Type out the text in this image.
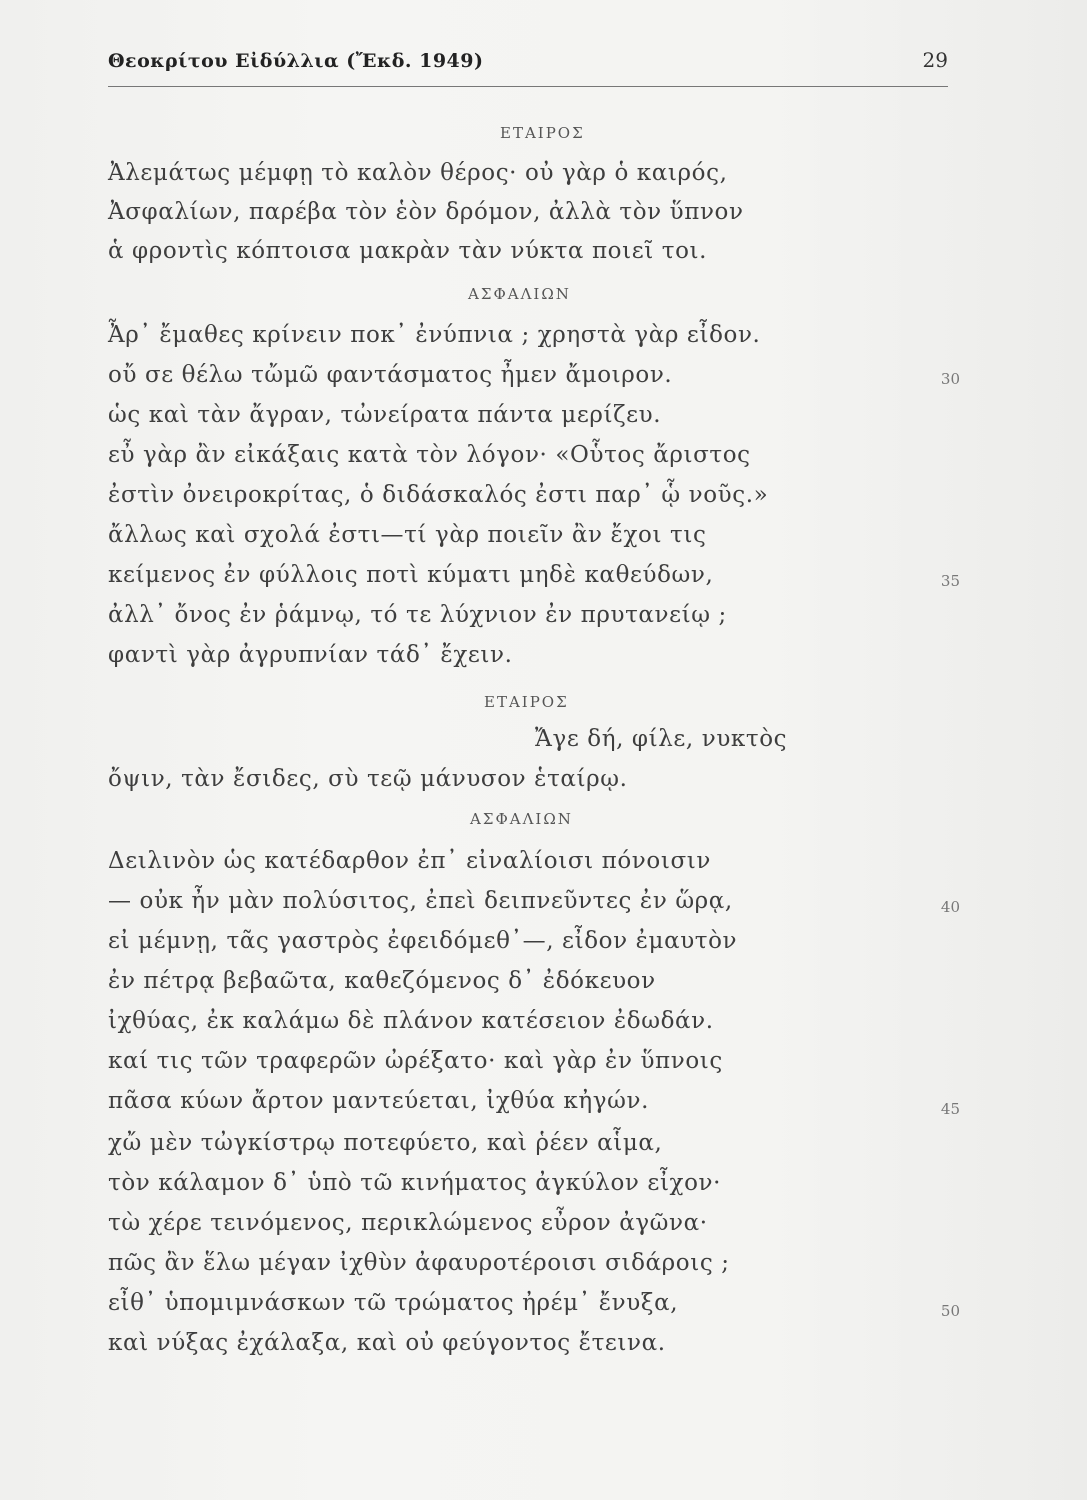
Θεοκρίτου Εἰδύλλια (Ἔκδ. 1949)	29
ΕΤΑΙΡΟΣ
Ἀλεμάτως μέμφῃ τὸ καλὸν θέρος· οὐ γὰρ ὁ καιρός,
Ἀσφαλίων, παρέβα τὸν ἑὸν δρόμον, ἀλλὰ τὸν ὕπνον
ἁ φροντὶς κόπτοισα μακρὰν τὰν νύκτα ποιεῖ τοι.
ΑΣΦΑΛΙΩΝ
Ἆρ᾽ ἔμαθες κρίνειν ποκ᾽ ἐνύπνια ; χρηστὰ γὰρ εἶδον.
οὔ σε θέλω τὤμῶ φαντάσματος ἦμεν ἄμοιρον.	30
ὡς καὶ τὰν ἄγραν, τὠνείρατα πάντα μερίζευ.
εὖ γὰρ ἂν εἰκάξαις κατὰ τὸν λόγον· «Οὗτος ἄριστος
ἐστὶν ὀνειροκρίτας, ὁ διδάσκαλός ἐστι παρ᾽ ᾧ νοῦς.»
ἄλλως καὶ σχολά ἐστι—τί γὰρ ποιεῖν ἂν ἔχοι τις
κείμενος ἐν φύλλοις ποτὶ κύματι μηδὲ καθεύδων,	35
ἀλλ᾽ ὄνος ἐν ῥάμνῳ, τό τε λύχνιον ἐν πρυτανείῳ ;
φαντὶ γὰρ ἀγρυπνίαν τάδ᾽ ἔχειν.
ΕΤΑΙΡΟΣ
Ἄγε δή, φίλε, νυκτὸς
ὄψιν, τὰν ἔσιδες, σὺ τεῷ μάνυσον ἑταίρῳ.
ΑΣΦΑΛΙΩΝ
Δειλινὸν ὡς κατέδαρθον ἐπ᾽ εἰναλίοισι πόνοισιν
— οὐκ ἦν μὰν πολύσιτος, ἐπεὶ δειπνεῦντες ἐν ὥρᾳ,	40
εἰ μέμνῃ, τᾶς γαστρὸς ἐφειδόμεθ᾽—, εἶδον ἐμαυτὸν
ἐν πέτρᾳ βεβαῶτα, καθεζόμενος δ᾽ ἐδόκευον
ἰχθύας, ἐκ καλάμω δὲ πλάνον κατέσειον ἐδωδάν.
καί τις τῶν τραφερῶν ὠρέξατο· καὶ γὰρ ἐν ὕπνοις
πᾶσα κύων ἄρτον μαντεύεται, ἰχθύα κἠγών.	45
χὤ μὲν τὠγκίστρῳ ποτεφύετο, καὶ ῥέεν αἷμα,
τὸν κάλαμον δ᾽ ὑπὸ τῶ κινήματος ἀγκύλον εἶχον·
τὼ χέρε τεινόμενος, περικλώμενος εὖρον ἀγῶνα·
πῶς ἂν ἕλω μέγαν ἰχθὺν ἀφαυροτέροισι σιδάροις ;
εἶθ᾽ ὑπομιμνάσκων τῶ τρώματος ἠρέμ᾽ ἔνυξα,	50
καὶ νύξας ἐχάλαξα, καὶ οὐ φεύγοντος ἔτεινα.
